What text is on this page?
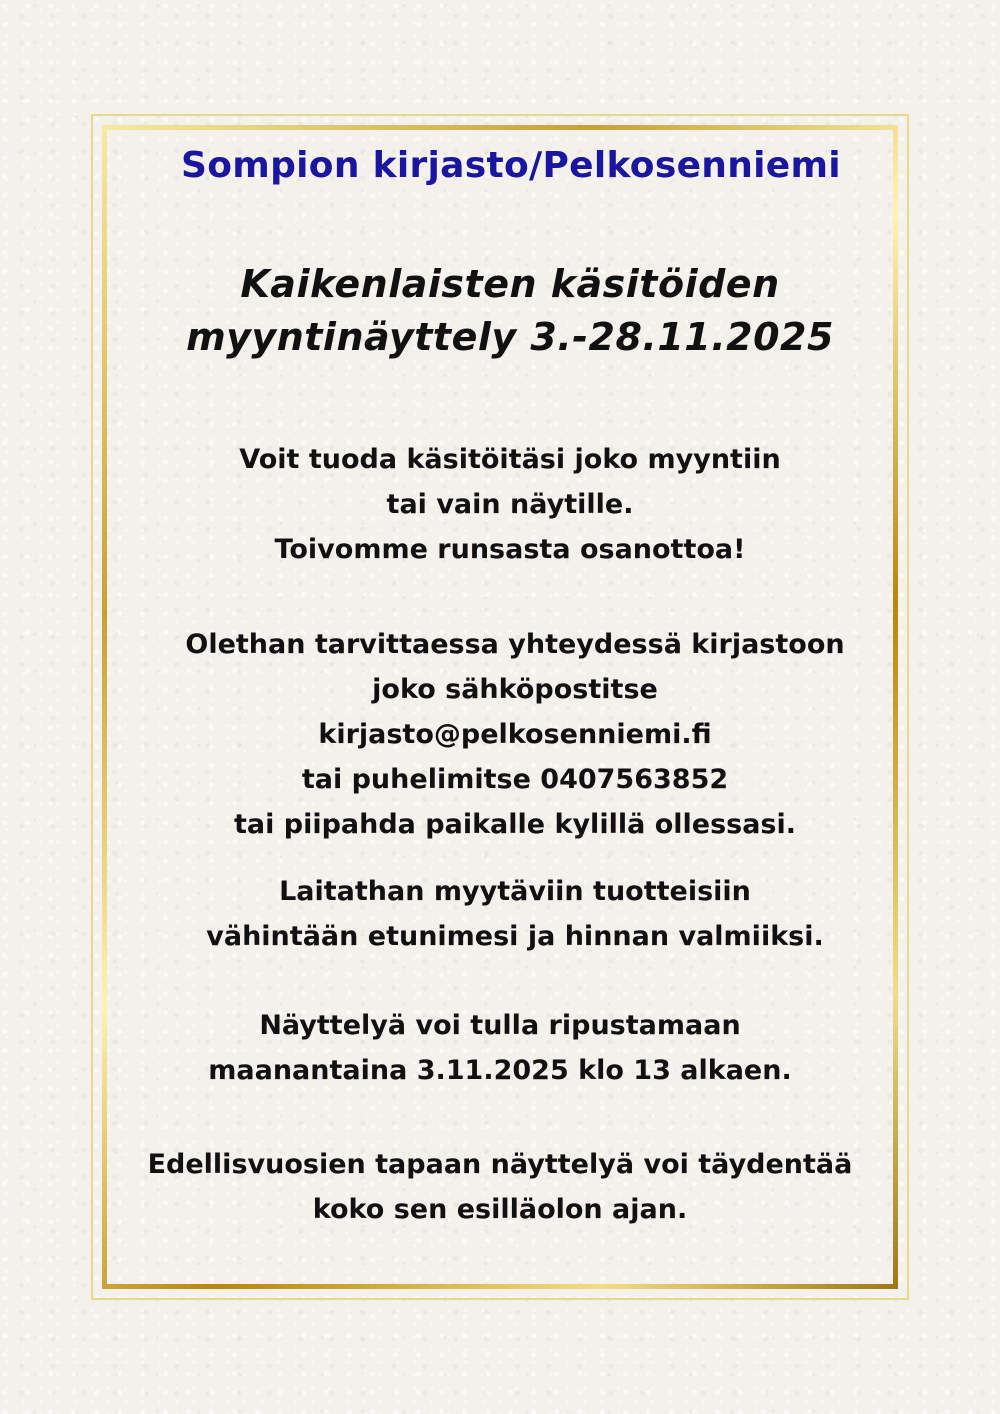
Sompion kirjasto/Pelkosenniemi
Kaikenlaisten käsitöiden
myyntinäyttely 3.-28.11.2025

Voit tuoda käsitöitäsi joko myyntiin
tai vain näytille.
Toivomme runsasta osanottoa!

Olethan tarvittaessa yhteydessä kirjastoon
joko sähköpostitse
kirjasto@pelkosenniemi.fi
tai puhelimitse 0407563852
tai piipahda paikalle kylillä ollessasi.

Laitathan myytäviin tuotteisiin
vähintään etunimesi ja hinnan valmiiksi.

Näyttelyä voi tulla ripustamaan
maanantaina 3.11.2025 klo 13 alkaen.

Edellisvuosien tapaan näyttelyä voi täydentää
koko sen esilläolon ajan.
